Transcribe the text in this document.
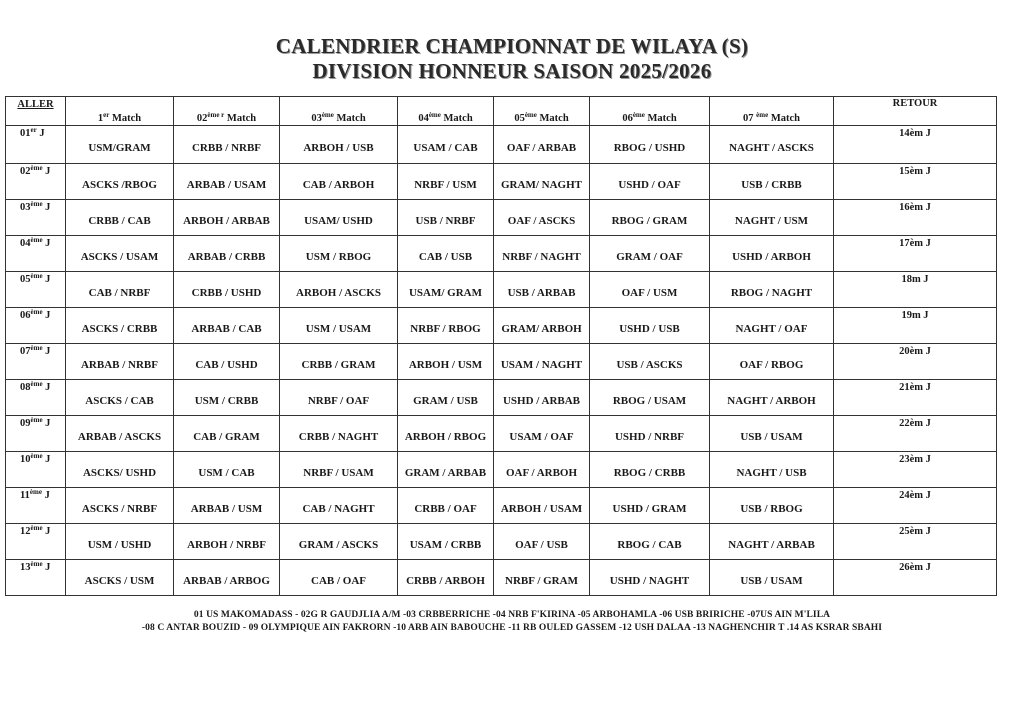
CALENDRIER CHAMPIONNAT DE WILAYA (S)
DIVISION HONNEUR SAISON 2025/2026
ALLER	1er Match	$02^{ème r}$ Match	03ème Match	04ème Match	05ème Match	06ème Match	07 $^{ème}$ Match	RETOUR
01er J	USM/GRAM	CRBB / NRBF	ARBOH / USB	USAM / CAB	OAF / ARBAB	RBOG / USHD	NAGHT / ASCKS	14èm J
02ème J	ASCKS /RBOG	ARBAB / USAM	CAB / ARBOH	NRBF / USM	GRAM/ NAGHT	USHD / OAF	USB / CRBB	15èm J
03ème J	CRBB / CAB	ARBOH / ARBAB	USAM/ USHD	USB / NRBF	OAF / ASCKS	RBOG / GRAM	NAGHT / USM	16èm J
04ème J	ASCKS / USAM	ARBAB / CRBB	USM / RBOG	CAB / USB	NRBF / NAGHT	GRAM / OAF	USHD / ARBOH	17èm J
05ème J	CAB / NRBF	CRBB / USHD	ARBOH / ASCKS	USAM/ GRAM	USB / ARBAB	OAF / USM	RBOG / NAGHT	18m J
06ème J	ASCKS / CRBB	ARBAB / CAB	USM / USAM	NRBF / RBOG	GRAM/ ARBOH	USHD / USB	NAGHT / OAF	19m J
07ème J	ARBAB / NRBF	CAB / USHD	CRBB / GRAM	ARBOH / USM	USAM / NAGHT	USB / ASCKS	OAF / RBOG	20èm J
08ème J	ASCKS / CAB	USM / CRBB	NRBF / OAF	GRAM / USB	USHD / ARBAB	RBOG / USAM	NAGHT / ARBOH	21èm J
09ème J	ARBAB / ASCKS	CAB / GRAM	CRBB / NAGHT	ARBOH / RBOG	USAM / OAF	USHD / NRBF	USB / USAM	22èm J
10ème J	ASCKS/ USHD	USM / CAB	NRBF / USAM	GRAM / ARBAB	OAF / ARBOH	RBOG / CRBB	NAGHT / USB	23èm J
11ème J	ASCKS / NRBF	ARBAB / USM	CAB / NAGHT	CRBB / OAF	ARBOH / USAM	USHD / GRAM	USB / RBOG	24èm J
12ème J	USM / USHD	ARBOH / NRBF	GRAM / ASCKS	USAM / CRBB	OAF / USB	RBOG / CAB	NAGHT / ARBAB	25èm J
13ème J	ASCKS / USM	ARBAB / ARBOG	CAB / OAF	CRBB / ARBOH	NRBF / GRAM	USHD / NAGHT	USB / USAM	26èm J
01 US MAKOMADASS - 02G R GAUDJLIA A/M -03 CRBBERRICHE -04 NRB F'KIRINA -05 ARBOHAMLA -06 USB BRIRICHE -07US AIN M'LILA
-08 C ANTAR BOUZID - 09 OLYMPIQUE AIN FAKRORN -10 ARB AIN BABOUCHE -11 RB OULED GASSEM -12 USH DALAA -13 NAGHENCHIR T .14 AS KSRAR SBAHI
